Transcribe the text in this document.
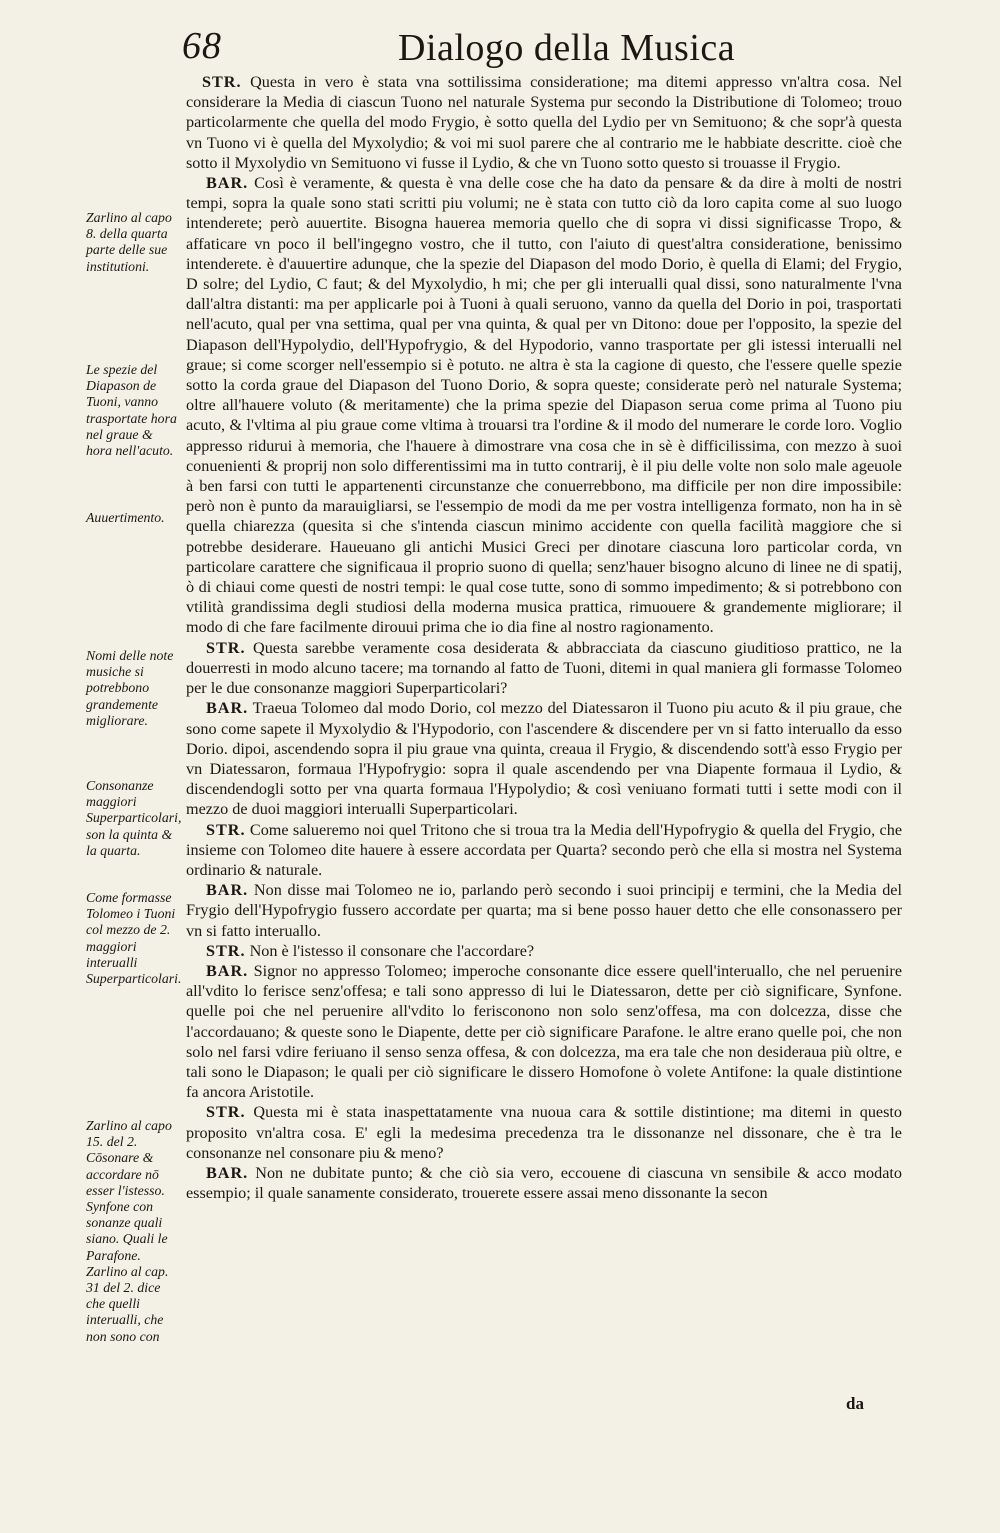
68	Dialogo della Musica

STR. Questa in vero è stata vna sottilissima consideratione; ma ditemi appresso vn'altra cosa. Nel considerare la Media di ciascun Tuono nel naturale Systema pur secondo la Distributione di Tolomeo; trouo particolarmente che quella del modo Frygio, è sotto quella del Lydio per vn Semituono; & che sopr'à questa vn Tuono vi è quella del Myxolydio; & voi mi suol parere che al contrario me le habbiate descritte. cioè che sotto il Myxolydio vn Semituono vi fusse il Lydio, & che vn Tuono sotto questo si trouasse il Frygio.

BAR. Così è veramente, & questa è vna delle cose che ha dato da pensare & da dire à molti de nostri tempi, sopra la quale sono stati scritti piu volumi; ne è stata con tutto ciò da loro capita come al suo luogo intenderete; però auuertite. Bisogna hauerea memoria quello che di sopra vi dissi significasse Tropo, & affaticare vn poco il bell'ingegno vostro, che il tutto, con l'aiuto di quest'altra consideratione, benissimo intenderete. è d'auuertire adunque, che la spezie del Diapason del modo Dorio, è quella di Elami; del Frygio, D solre; del Lydio, C faut; & del Myxolydio, h mi; che per gli interualli qual dissi, sono naturalmente l'vna dall'altra distanti: ma per applicarle poi à Tuoni à quali seruono, vanno da quella del Dorio in poi, trasportati nell'acuto, qual per vna settima, qual per vna quinta, & qual per vn Ditono: doue per l'opposito, la spezie del Diapason dell'Hypolydio, dell'Hypofrygio, & del Hypodorio, vanno trasportate per gli istessi interualli nel graue; si come scorger nell'essempio si è potuto. ne altra è sta la cagione di questo, che l'essere quelle spezie sotto la corda graue del Diapason del Tuono Dorio, & sopra queste; considerate però nel naturale Systema; oltre all'hauere voluto (& meritamente) che la prima spezie del Diapason serua come prima al Tuono piu acuto, & l'vltima al piu graue come vltima à trouarsi tra l'ordine & il modo del numerare le corde loro. Voglio appresso ridurui à memoria, che l'hauere à dimostrare vna cosa che in sè è difficilissima, con mezzo à suoi conuenienti & proprij non solo differentissimi ma in tutto contrarij, è il piu delle volte non solo male ageuole à ben farsi con tutti le appartenenti circunstanze che conuerrebbono, ma difficile per non dire impossibile: però non è punto da marauigliarsi, se l'essempio de modi da me per vostra intelligenza formato, non ha in sè quella chiarezza (quesita si che s'intenda ciascun minimo accidente con quella facilità maggiore che si potrebbe desiderare. Haueuano gli antichi Musici Greci per dinotare ciascuna loro particolar corda, vn particolare carattere che significaua il proprio suono di quella; senz'hauer bisogno alcuno di linee ne di spatij, ò di chiaui come questi de nostri tempi: le qual cose tutte, sono di sommo impedimento; & si potrebbono con vtilità grandissima degli studiosi della moderna musica prattica, rimuouere & grandemente migliorare; il modo di che fare facilmente dirouui prima che io dia fine al nostro ragionamento.

STR. Questa sarebbe veramente cosa desiderata & abbracciata da ciascuno giuditioso prattico, ne la douerresti in modo alcuno tacere; ma tornando al fatto de Tuoni, ditemi in qual maniera gli formasse Tolomeo per le due consonanze maggiori Superparticolari?

BAR. Traeua Tolomeo dal modo Dorio, col mezzo del Diatessaron il Tuono piu acuto & il piu graue, che sono come sapete il Myxolydio & l'Hypodorio, con l'ascendere & discendere per vn si fatto interuallo da esso Dorio. dipoi, ascendendo sopra il piu graue vna quinta, creaua il Frygio, & discendendo sott'à esso Frygio per vn Diatessaron, formaua l'Hypofrygio: sopra il quale ascendendo per vna Diapente formaua il Lydio, & discendendogli sotto per vna quarta formaua l'Hypolydio; & così veniuano formati tutti i sette modi con il mezzo de duoi maggiori interualli Superparticolari.

STR. Come salueremo noi quel Tritono che si troua tra la Media dell'Hypofrygio & quella del Frygio, che insieme con Tolomeo dite hauere à essere accordata per Quarta? secondo però che ella si mostra nel Systema ordinario & naturale.

BAR. Non disse mai Tolomeo ne io, parlando però secondo i suoi principij e termini, che la Media del Frygio dell'Hypofrygio fussero accordate per quarta; ma si bene posso hauer detto che elle consonassero per vn si fatto interuallo.

STR. Non è l'istesso il consonare che l'accordare?

BAR. Signor no appresso Tolomeo; imperoche consonante dice essere quell'interuallo, che nel peruenire all'vdito lo ferisce senz'offesa; e tali sono appresso di lui le Diatessaron, dette per ciò significare, Synfone. quelle poi che nel peruenire all'vdito lo ferisconono non solo senz'offesa, ma con dolcezza, disse che l'accordauano; & queste sono le Diapente, dette per ciò significare Parafone. le altre erano quelle poi, che non solo nel farsi vdire feriuano il senso senza offesa, & con dolcezza, ma era tale che non desideraua più oltre, e tali sono le Diapason; le quali per ciò significare le dissero Homofone ò volete Antifone: la quale distintione fa ancora Aristotile.

STR. Questa mi è stata inaspettatamente vna nuoua cara & sottile distintione; ma ditemi in questo proposito vn'altra cosa. E' egli la medesima precedenza tra le dissonanze nel dissonare, che è tra le consonanze nel consonare piu & meno?

BAR. Non ne dubitate punto; & che ciò sia vero, eccouene di ciascuna vn sensibile & acco modato essempio; il quale sanamente considerato, trouerete essere assai meno dissonante la secon

da
Zarlino al capo 8. della quarta parte delle sue institutioni.
Le spezie del Diapason de Tuoni, vanno trasportate hora nel graue & hora nell'acuto.
Auuertimento.
Nomi delle note musiche si potrebbono grandemente migliorare.
Consonanze maggiori Superparticolari, son la quinta & la quarta.
Come formasse Tolomeo i Tuoni col mezzo de 2. maggiori interualli Superparticolari.
Zarlino al capo 15. del 2. Cōsonare & accordare nō esser l'istesso. Synfone con sonanze quali siano. Quali le Parafone. Zarlino al cap. 31 del 2. dice che quelli interualli, che non sono con
